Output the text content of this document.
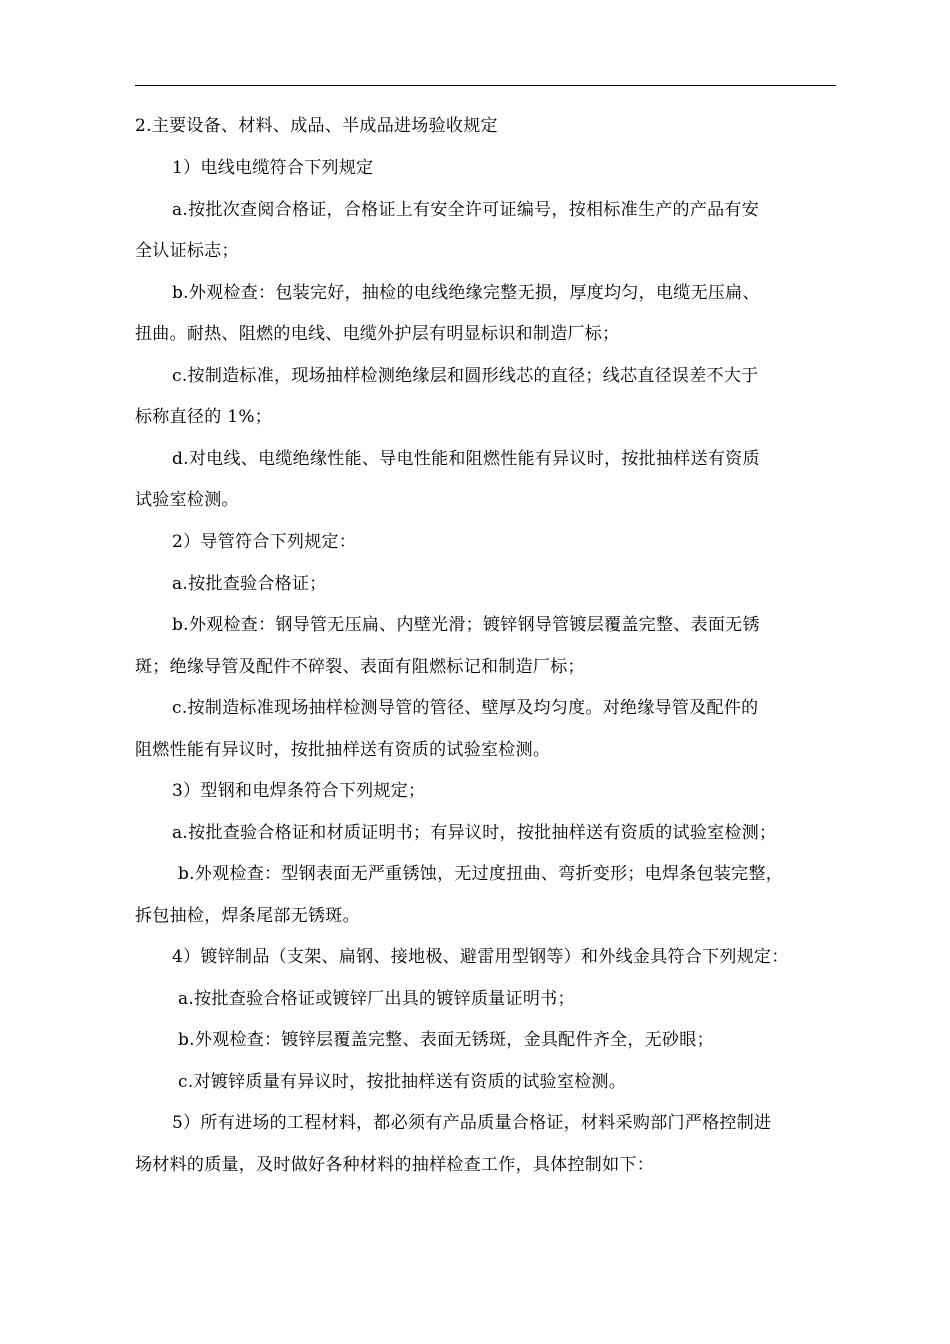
2.主要设备、材料、成品、半成品进场验收规定
1）电线电缆符合下列规定
a.按批次查阅合格证，合格证上有安全许可证编号，按相标准生产的产品有安
全认证标志；
b.外观检查：包装完好，抽检的电线绝缘完整无损，厚度均匀，电缆无压扁、
扭曲。耐热、阻燃的电线、电缆外护层有明显标识和制造厂标；
c.按制造标准，现场抽样检测绝缘层和圆形线芯的直径；线芯直径误差不大于
标称直径的 1%；
d.对电线、电缆绝缘性能、导电性能和阻燃性能有异议时，按批抽样送有资质
试验室检测。
2）导管符合下列规定：
a.按批查验合格证；
b.外观检查：钢导管无压扁、内壁光滑；镀锌钢导管镀层覆盖完整、表面无锈
斑；绝缘导管及配件不碎裂、表面有阻燃标记和制造厂标；
c.按制造标准现场抽样检测导管的管径、壁厚及均匀度。对绝缘导管及配件的
阻燃性能有异议时，按批抽样送有资质的试验室检测。
3）型钢和电焊条符合下列规定；
a.按批查验合格证和材质证明书；有异议时，按批抽样送有资质的试验室检测；
b.外观检查：型钢表面无严重锈蚀，无过度扭曲、弯折变形；电焊条包装完整，
拆包抽检，焊条尾部无锈斑。
4）镀锌制品（支架、扁钢、接地极、避雷用型钢等）和外线金具符合下列规定：
a.按批查验合格证或镀锌厂出具的镀锌质量证明书；
b.外观检查：镀锌层覆盖完整、表面无锈斑，金具配件齐全，无砂眼；
c.对镀锌质量有异议时，按批抽样送有资质的试验室检测。
5）所有进场的工程材料，都必须有产品质量合格证，材料采购部门严格控制进
场材料的质量，及时做好各种材料的抽样检查工作，具体控制如下：
